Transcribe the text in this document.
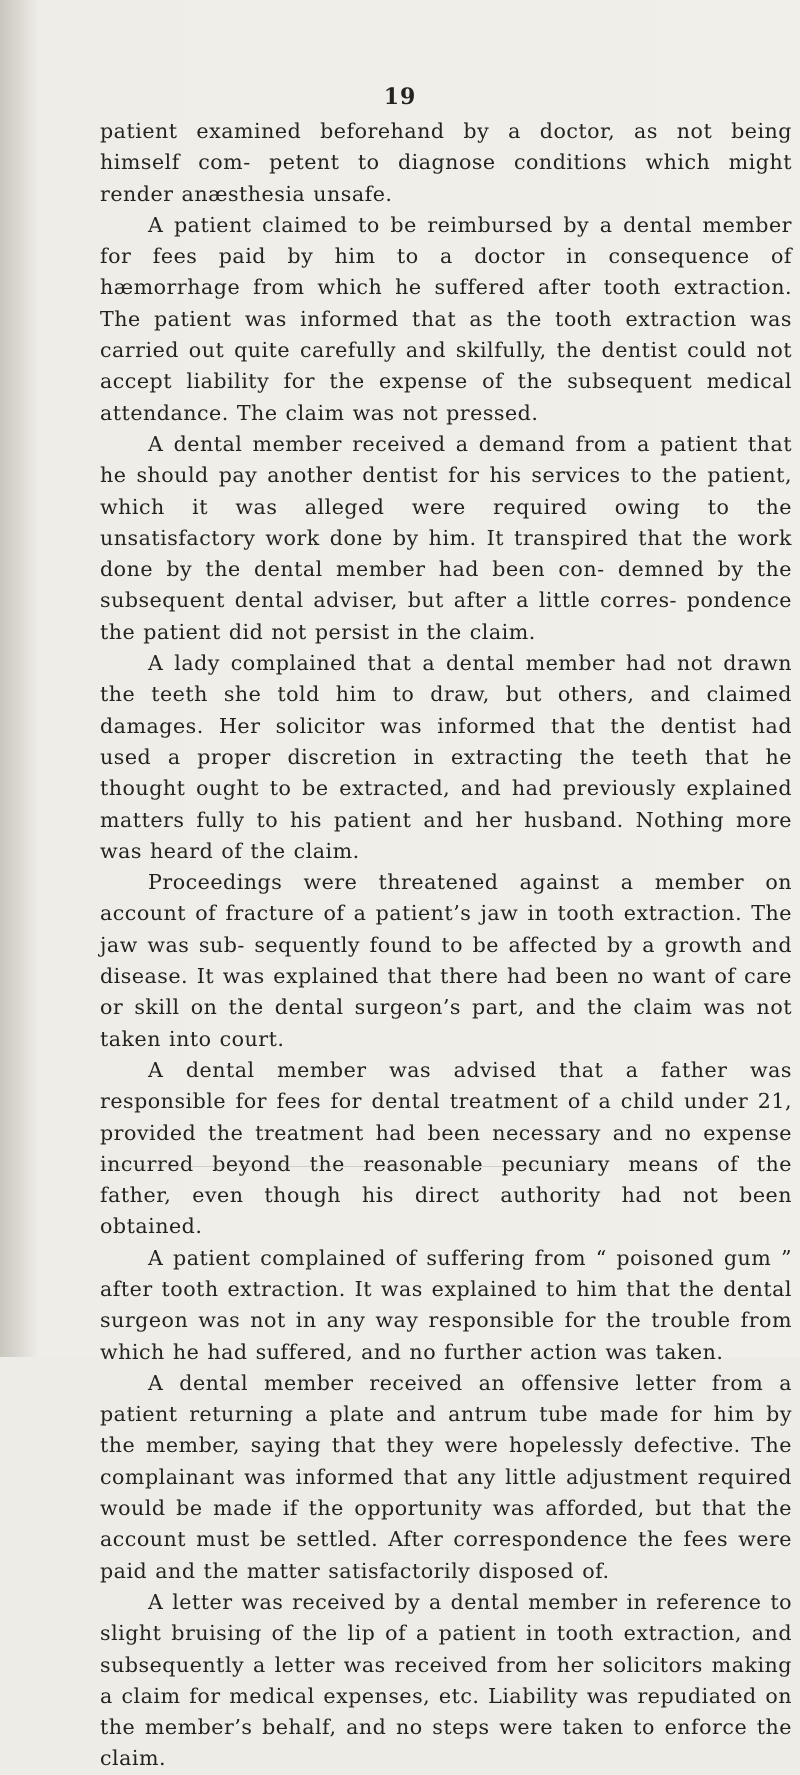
19

patient examined beforehand by a doctor, as not being himself com- petent to diagnose conditions which might render anæsthesia unsafe.

A patient claimed to be reimbursed by a dental member for fees paid by him to a doctor in consequence of hæmorrhage from which he suffered after tooth extraction. The patient was informed that as the tooth extraction was carried out quite carefully and skilfully, the dentist could not accept liability for the expense of the subsequent medical attendance. The claim was not pressed.

A dental member received a demand from a patient that he should pay another dentist for his services to the patient, which it was alleged were required owing to the unsatisfactory work done by him. It transpired that the work done by the dental member had been con- demned by the subsequent dental adviser, but after a little corres- pondence the patient did not persist in the claim.

A lady complained that a dental member had not drawn the teeth she told him to draw, but others, and claimed damages. Her solicitor was informed that the dentist had used a proper discretion in extracting the teeth that he thought ought to be extracted, and had previously explained matters fully to his patient and her husband. Nothing more was heard of the claim.

Proceedings were threatened against a member on account of fracture of a patient’s jaw in tooth extraction. The jaw was sub- sequently found to be affected by a growth and disease. It was explained that there had been no want of care or skill on the dental surgeon’s part, and the claim was not taken into court.

A dental member was advised that a father was responsible for fees for dental treatment of a child under 21, provided the treatment had been necessary and no expense incurred beyond the reasonable pecuniary means of the father, even though his direct authority had not been obtained.

A patient complained of suffering from “ poisoned gum ” after tooth extraction. It was explained to him that the dental surgeon was not in any way responsible for the trouble from which he had suffered, and no further action was taken.

A dental member received an offensive letter from a patient returning a plate and antrum tube made for him by the member, saying that they were hopelessly defective. The complainant was informed that any little adjustment required would be made if the opportunity was afforded, but that the account must be settled. After correspondence the fees were paid and the matter satisfactorily disposed of.

A letter was received by a dental member in reference to slight bruising of the lip of a patient in tooth extraction, and subsequently a letter was received from her solicitors making a claim for medical expenses, etc. Liability was repudiated on the member’s behalf, and no steps were taken to enforce the claim.
